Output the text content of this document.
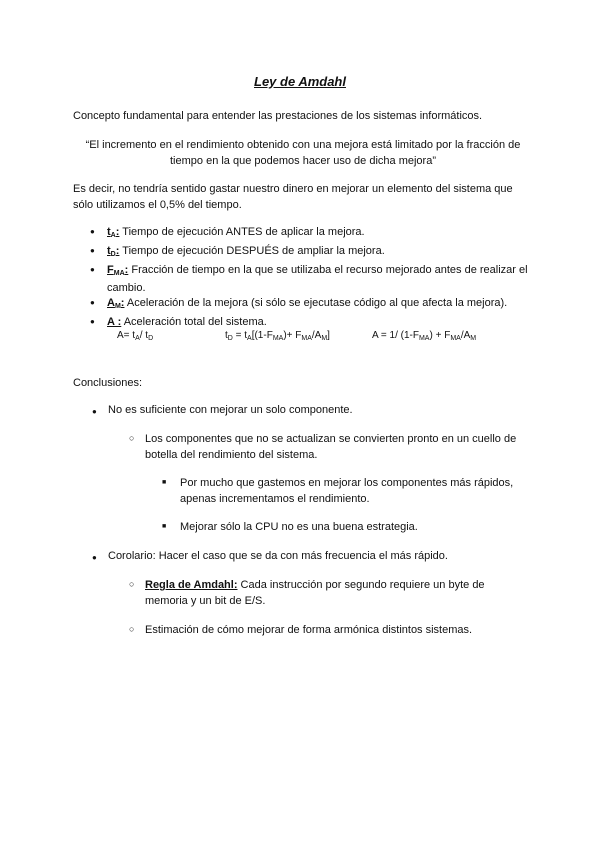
Ley de Amdahl
Concepto fundamental para entender las prestaciones de los sistemas informáticos.
“El incremento en el rendimiento obtenido con una mejora está limitado por la fracción de tiempo en la que podemos hacer uso de dicha mejora”
Es decir, no tendría sentido gastar nuestro dinero en mejorar un elemento del sistema que sólo utilizamos el 0,5% del tiempo.
● $t_A$: Tiempo de ejecución ANTES de aplicar la mejora.
● $t_D$: Tiempo de ejecución DESPUÉS de ampliar la mejora.
● $F_{MA}$: Fracción de tiempo en la que se utilizaba el recurso mejorado antes de realizar el cambio.
● $A_M$: Aceleración de la mejora (si sólo se ejecutase código al que afecta la mejora).
● A : Aceleración total del sistema.
$A= t_A/$ $t_D$	$t_D = t_A[(1-F_{MA})+ F_{MA}/A_M]$	A = 1/ $(1-F_{MA}) + F_{MA}/A_M$
Conclusiones:
● No es suficiente con mejorar un solo componente.
○ Los componentes que no se actualizan se convierten pronto en un cuello de botella del rendimiento del sistema.
■ Por mucho que gastemos en mejorar los componentes más rápidos, apenas incrementamos el rendimiento.
■ Mejorar sólo la CPU no es una buena estrategia.
● Corolario: Hacer el caso que se da con más frecuencia el más rápido.
○ Regla de Amdahl: Cada instrucción por segundo requiere un byte de memoria y un bit de E/S.
○ Estimación de cómo mejorar de forma armónica distintos sistemas.
